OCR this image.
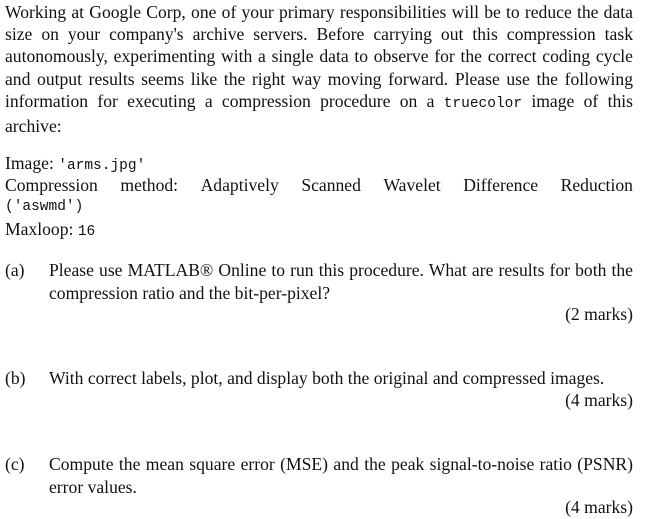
Working at Google Corp, one of your primary responsibilities will be to reduce the data size on your company's archive servers. Before carrying out this compression task autonomously, experimenting with a single data to observe for the correct coding cycle and output results seems like the right way moving forward. Please use the following information for executing a compression procedure on a truecolor image of this archive:

Image: 'arms.jpg'

Compression method: Adaptively Scanned Wavelet Difference Reduction
('aswmd')

Maxloop: 16

(a) Please use MATLAB® Online to run this procedure. What are results for both the compression ratio and the bit-per-pixel?

(2 marks)
(b) With correct labels, plot, and display both the original and compressed images.

(4 marks)
(c) Compute the mean square error (MSE) and the peak signal-to-noise ratio (PSNR) error values.

(4 marks)
